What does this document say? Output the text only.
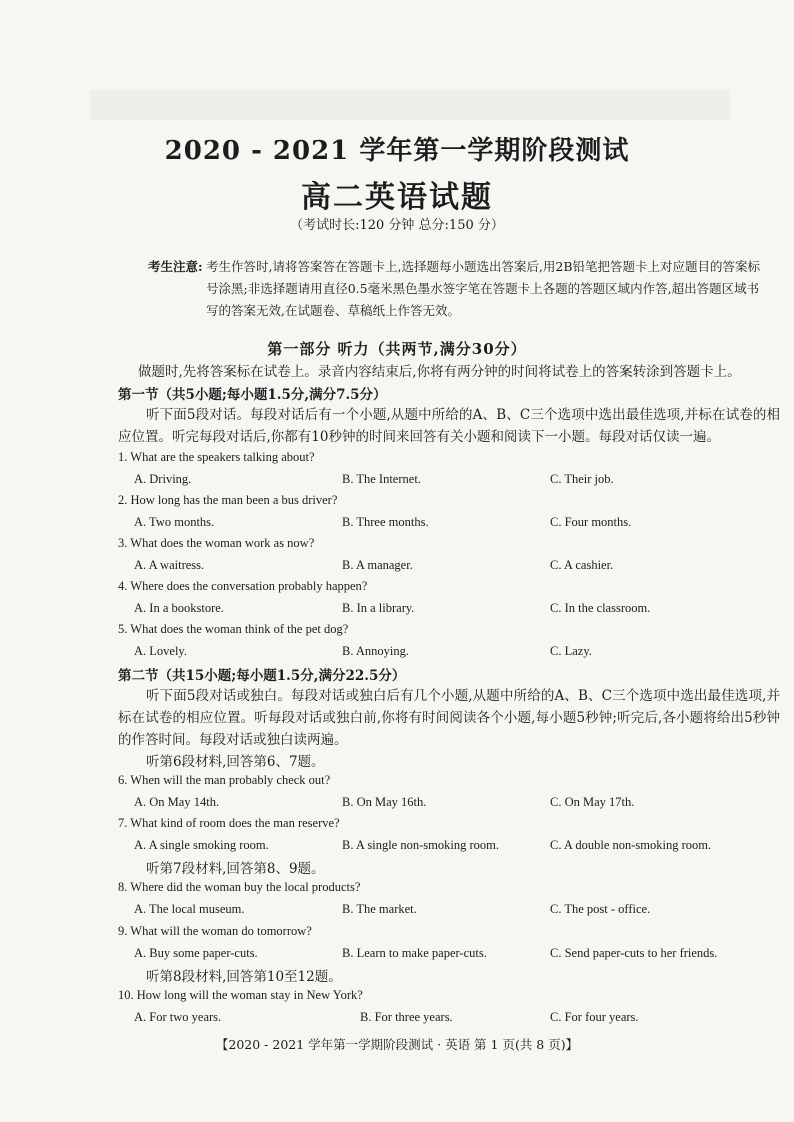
2020 - 2021 学年第一学期阶段测试
高二英语试题
（考试时长:120 分钟 总分:150 分）
考生注意: 考生作答时,请将答案答在答题卡上,选择题每小题选出答案后,用2B铅笔把答题卡上对应题目的答案标
号涂黑;非选择题请用直径0.5毫米黑色墨水签字笔在答题卡上各题的答题区域内作答,超出答题区域书
写的答案无效,在试题卷、草稿纸上作答无效。
第一部分 听力（共两节,满分30分）
做题时,先将答案标在试卷上。录音内容结束后,你将有两分钟的时间将试卷上的答案转涂到答题卡上。
第一节（共5小题;每小题1.5分,满分7.5分）
听下面5段对话。每段对话后有一个小题,从题中所给的A、B、C三个选项中选出最佳选项,并标在试卷的相应位置。听完每段对话后,你都有10秒钟的时间来回答有关小题和阅读下一小题。每段对话仅读一遍。
1. What are the speakers talking about?
A. Driving.	B. The Internet.	C. Their job.
2. How long has the man been a bus driver?
A. Two months.	B. Three months.	C. Four months.
3. What does the woman work as now?
A. A waitress.	B. A manager.	C. A cashier.
4. Where does the conversation probably happen?
A. In a bookstore.	B. In a library.	C. In the classroom.
5. What does the woman think of the pet dog?
A. Lovely.	B. Annoying.	C. Lazy.
第二节（共15小题;每小题1.5分,满分22.5分）
听下面5段对话或独白。每段对话或独白后有几个小题,从题中所给的A、B、C三个选项中选出最佳选项,并标在试卷的相应位置。听每段对话或独白前,你将有时间阅读各个小题,每小题5秒钟;听完后,各小题将给出5秒钟的作答时间。每段对话或独白读两遍。
听第6段材料,回答第6、7题。
6. When will the man probably check out?
A. On May 14th.	B. On May 16th.	C. On May 17th.
7. What kind of room does the man reserve?
A. A single smoking room.	B. A single non-smoking room.	C. A double non-smoking room.
听第7段材料,回答第8、9题。
8. Where did the woman buy the local products?
A. The local museum.	B. The market.	C. The post - office.
9. What will the woman do tomorrow?
A. Buy some paper-cuts.	B. Learn to make paper-cuts.	C. Send paper-cuts to her friends.
听第8段材料,回答第10至12题。
10. How long will the woman stay in New York?
A. For two years.	B. For three years.	C. For four years.
【2020 - 2021 学年第一学期阶段测试 · 英语 第 1 页(共 8 页)】
